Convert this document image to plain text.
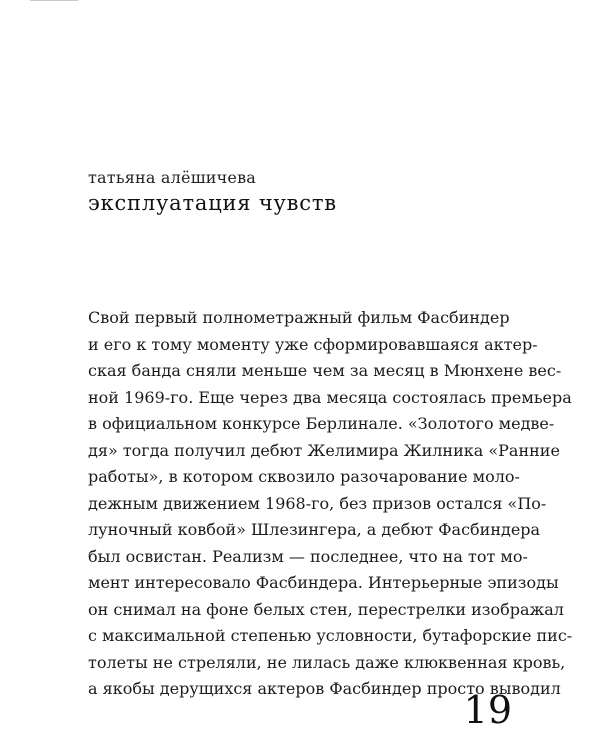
татьяна алёшичева
эксплуатация чувств
Свой первый полнометражный фильм Фасбиндер
и его к тому моменту уже сформировавшаяся актер-
ская банда сняли меньше чем за месяц в Мюнхене вес-
ной 1969-го. Еще через два месяца состоялась премьера
в официальном конкурсе Берлинале. «Золотого медве-
дя» тогда получил дебют Желимира Жилника «Ранние
работы», в котором сквозило разочарование моло-
дежным движением 1968-го, без призов остался «По-
луночный ковбой» Шлезингера, а дебют Фасбиндера
был освистан. Реализм — последнее, что на тот мо-
мент интересовало Фасбиндера. Интерьерные эпизоды
он снимал на фоне белых стен, перестрелки изображал
с максимальной степенью условности, бутафорские пис-
толеты не стреляли, не лилась даже клюквенная кровь,
а якобы дерущихся актеров Фасбиндер просто выводил
19
